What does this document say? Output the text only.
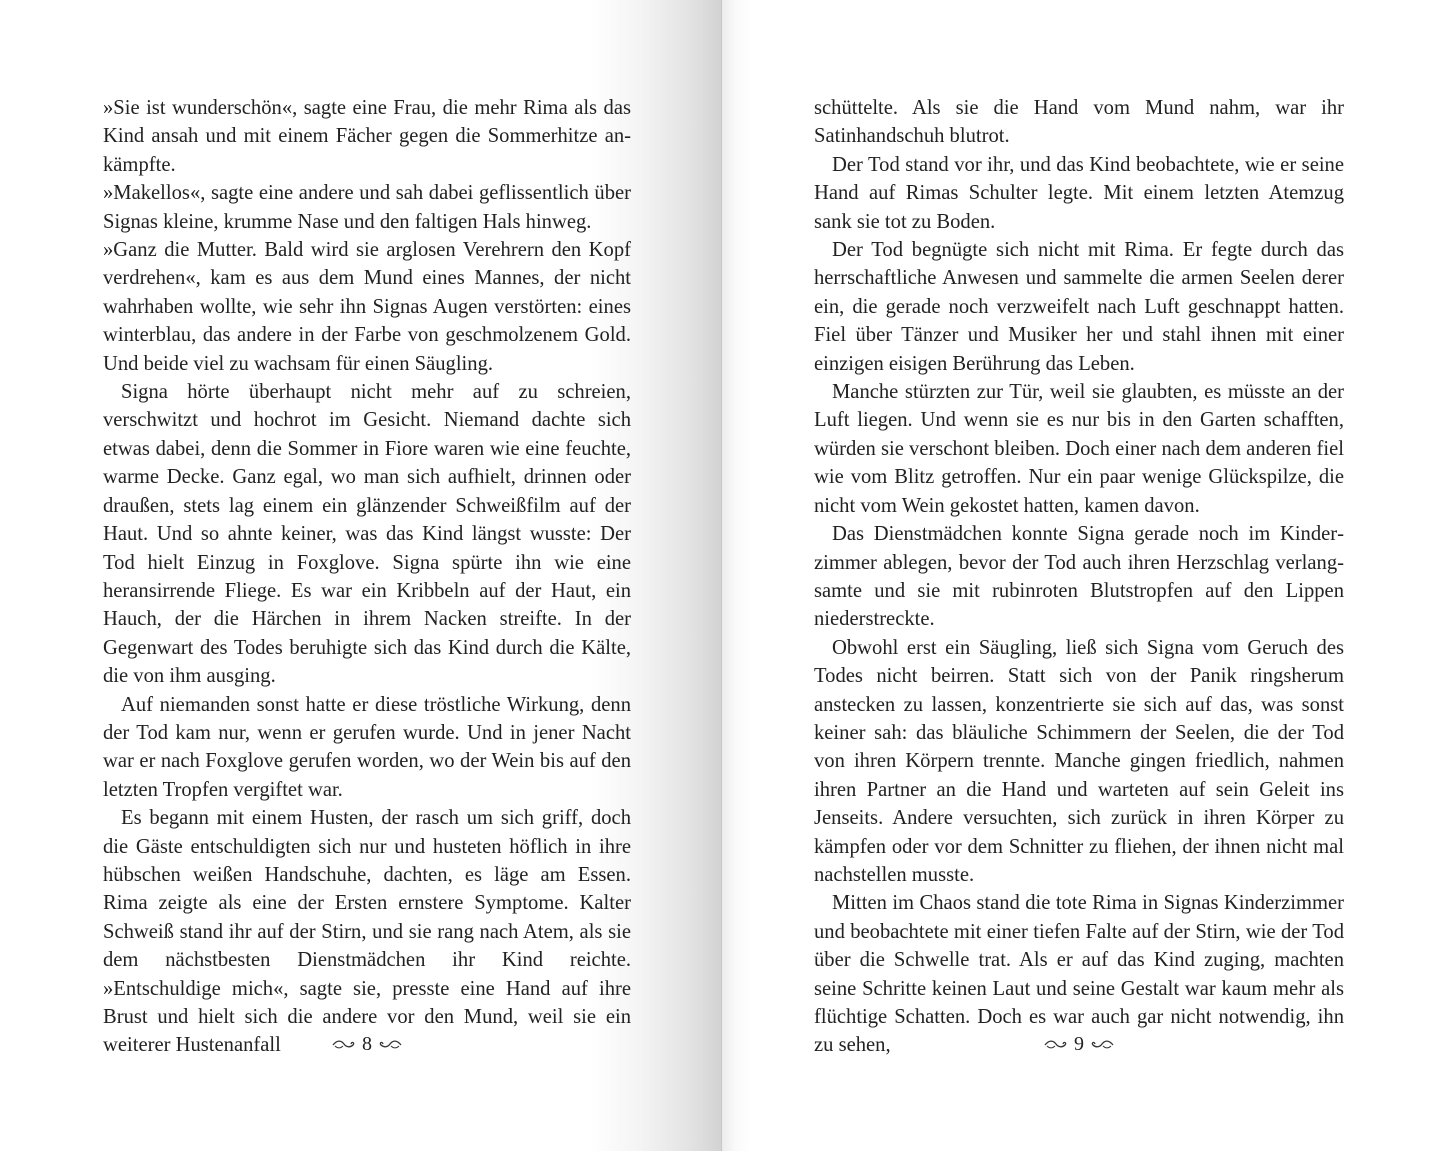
»Sie ist wunderschön«, sagte eine Frau, die mehr Rima als das Kind ansah und mit einem Fächer gegen die Sommerhitze ankämpfte.

»Makellos«, sagte eine andere und sah dabei geflissentlich über Signas kleine, krumme Nase und den faltigen Hals hinweg.

»Ganz die Mutter. Bald wird sie arglosen Verehrern den Kopf verdrehen«, kam es aus dem Mund eines Mannes, der nicht wahrhaben wollte, wie sehr ihn Signas Augen verstörten: eines winterblau, das andere in der Farbe von geschmolzenem Gold. Und beide viel zu wachsam für einen Säugling.

Signa hörte überhaupt nicht mehr auf zu schreien, verschwitzt und hochrot im Gesicht. Niemand dachte sich etwas dabei, denn die Sommer in Fiore waren wie eine feuchte, warme Decke. Ganz egal, wo man sich aufhielt, drinnen oder draußen, stets lag einem ein glänzender Schweißfilm auf der Haut. Und so ahnte keiner, was das Kind längst wusste: Der Tod hielt Einzug in Foxglove. Signa spürte ihn wie eine heransirrende Fliege. Es war ein Kribbeln auf der Haut, ein Hauch, der die Härchen in ihrem Nacken streifte. In der Gegenwart des Todes beruhigte sich das Kind durch die Kälte, die von ihm ausging.

Auf niemanden sonst hatte er diese tröstliche Wirkung, denn der Tod kam nur, wenn er gerufen wurde. Und in jener Nacht war er nach Foxglove gerufen worden, wo der Wein bis auf den letzten Tropfen vergiftet war.

Es begann mit einem Husten, der rasch um sich griff, doch die Gäste entschuldigten sich nur und husteten höflich in ihre hübschen weißen Handschuhe, dachten, es läge am Essen. Rima zeigte als eine der Ersten ernstere Symptome. Kalter Schweiß stand ihr auf der Stirn, und sie rang nach Atem, als sie dem nächstbesten Dienstmädchen ihr Kind reichte. »Entschuldige mich«, sagte sie, presste eine Hand auf ihre Brust und hielt sich die andere vor den Mund, weil sie ein weiterer Hustenanfall	8

schüttelte. Als sie die Hand vom Mund nahm, war ihr Satinhandschuh blutrot.

Der Tod stand vor ihr, und das Kind beobachtete, wie er seine Hand auf Rimas Schulter legte. Mit einem letzten Atemzug sank sie tot zu Boden.

Der Tod begnügte sich nicht mit Rima. Er fegte durch das herrschaftliche Anwesen und sammelte die armen Seelen derer ein, die gerade noch verzweifelt nach Luft geschnappt hatten. Fiel über Tänzer und Musiker her und stahl ihnen mit einer einzigen eisigen Berührung das Leben.

Manche stürzten zur Tür, weil sie glaubten, es müsste an der Luft liegen. Und wenn sie es nur bis in den Garten schafften, würden sie verschont bleiben. Doch einer nach dem anderen fiel wie vom Blitz getroffen. Nur ein paar wenige Glückspilze, die nicht vom Wein gekostet hatten, kamen davon.

Das Dienstmädchen konnte Signa gerade noch im Kinderzimmer ablegen, bevor der Tod auch ihren Herzschlag verlangsamte und sie mit rubinroten Blutstropfen auf den Lippen niederstreckte.

Obwohl erst ein Säugling, ließ sich Signa vom Geruch des Todes nicht beirren. Statt sich von der Panik ringsherum anstecken zu lassen, konzentrierte sie sich auf das, was sonst keiner sah: das bläuliche Schimmern der Seelen, die der Tod von ihren Körpern trennte. Manche gingen friedlich, nahmen ihren Partner an die Hand und warteten auf sein Geleit ins Jenseits. Andere versuchten, sich zurück in ihren Körper zu kämpfen oder vor dem Schnitter zu fliehen, der ihnen nicht mal nachstellen musste.

Mitten im Chaos stand die tote Rima in Signas Kinderzimmer und beobachtete mit einer tiefen Falte auf der Stirn, wie der Tod über die Schwelle trat. Als er auf das Kind zuging, machten seine Schritte keinen Laut und seine Gestalt war kaum mehr als flüchtige Schatten. Doch es war auch gar nicht notwendig, ihn zu sehen,	9
